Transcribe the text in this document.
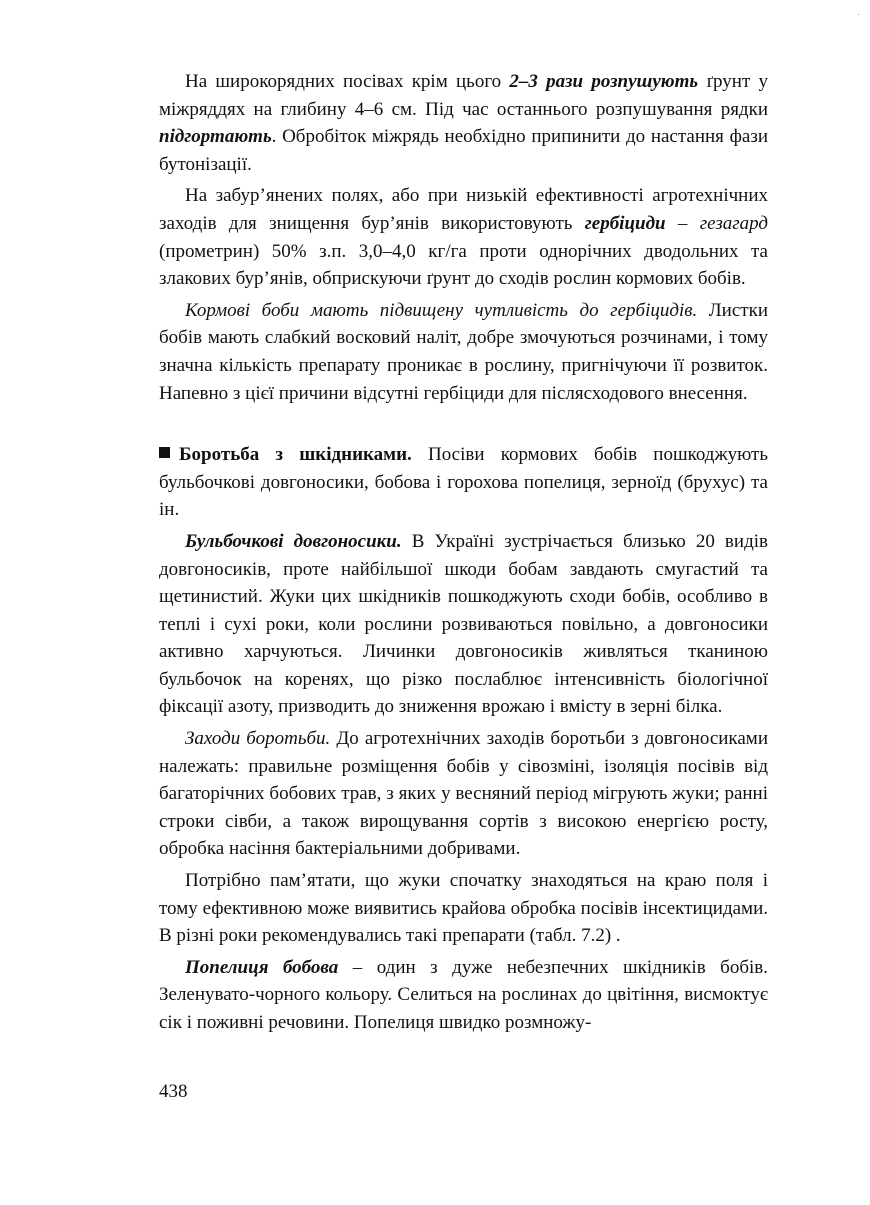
На широкорядних посівах крім цього 2–3 рази розпушують ґрунт у міжряддях на глибину 4–6 см. Під час останнього розпушування рядки підгортають. Обробіток міжрядь необхідно припинити до настання фази бутонізації.

На забур’янених полях, або при низькій ефективності агротехнічних заходів для знищення бур’янів використовують гербіциди – гезагард (прометрин) 50% з.п. 3,0–4,0 кг/га проти однорічних дводольних та злакових бур’янів, обприскуючи ґрунт до сходів рослин кормових бобів.

Кормові боби мають підвищену чутливість до гербіцидів. Листки бобів мають слабкий восковий наліт, добре змочуються розчинами, і тому значна кількість препарату проникає в рослину, пригнічуючи її розвиток. Напевно з цієї причини відсутні гербіциди для післясходового внесення.

Боротьба з шкідниками. Посіви кормових бобів пошкоджують бульбочкові довгоносики, бобова і горохова попелиця, зерноїд (брухус) та ін.

Бульбочкові довгоносики. В Україні зустрічається близько 20 видів довгоносиків, проте найбільшої шкоди бобам завдають смугастий та щетинистий. Жуки цих шкідників пошкоджують сходи бобів, особливо в теплі і сухі роки, коли рослини розвиваються повільно, а довгоносики активно харчуються. Личинки довгоносиків живляться тканиною бульбочок на коренях, що різко послаблює інтенсивність біологічної фіксації азоту, призводить до зниження врожаю і вмісту в зерні білка.

Заходи боротьби. До агротехнічних заходів боротьби з довгоносиками належать: правильне розміщення бобів у сівозміні, ізоляція посівів від багаторічних бобових трав, з яких у весняний період мігрують жуки; ранні строки сівби, а також вирощування сортів з високою енергією росту, обробка насіння бактеріальними добривами.

Потрібно пам’ятати, що жуки спочатку знаходяться на краю поля і тому ефективною може виявитись крайова обробка посівів інсектицидами. В різні роки рекомендувались такі препарати (табл. 7.2) .

Попелиця бобова – один з дуже небезпечних шкідників бобів. Зеленувато-чорного кольору. Селиться на рослинах до цвітіння, висмоктує сік і поживні речовини. Попелиця швидко розмножу-

438
